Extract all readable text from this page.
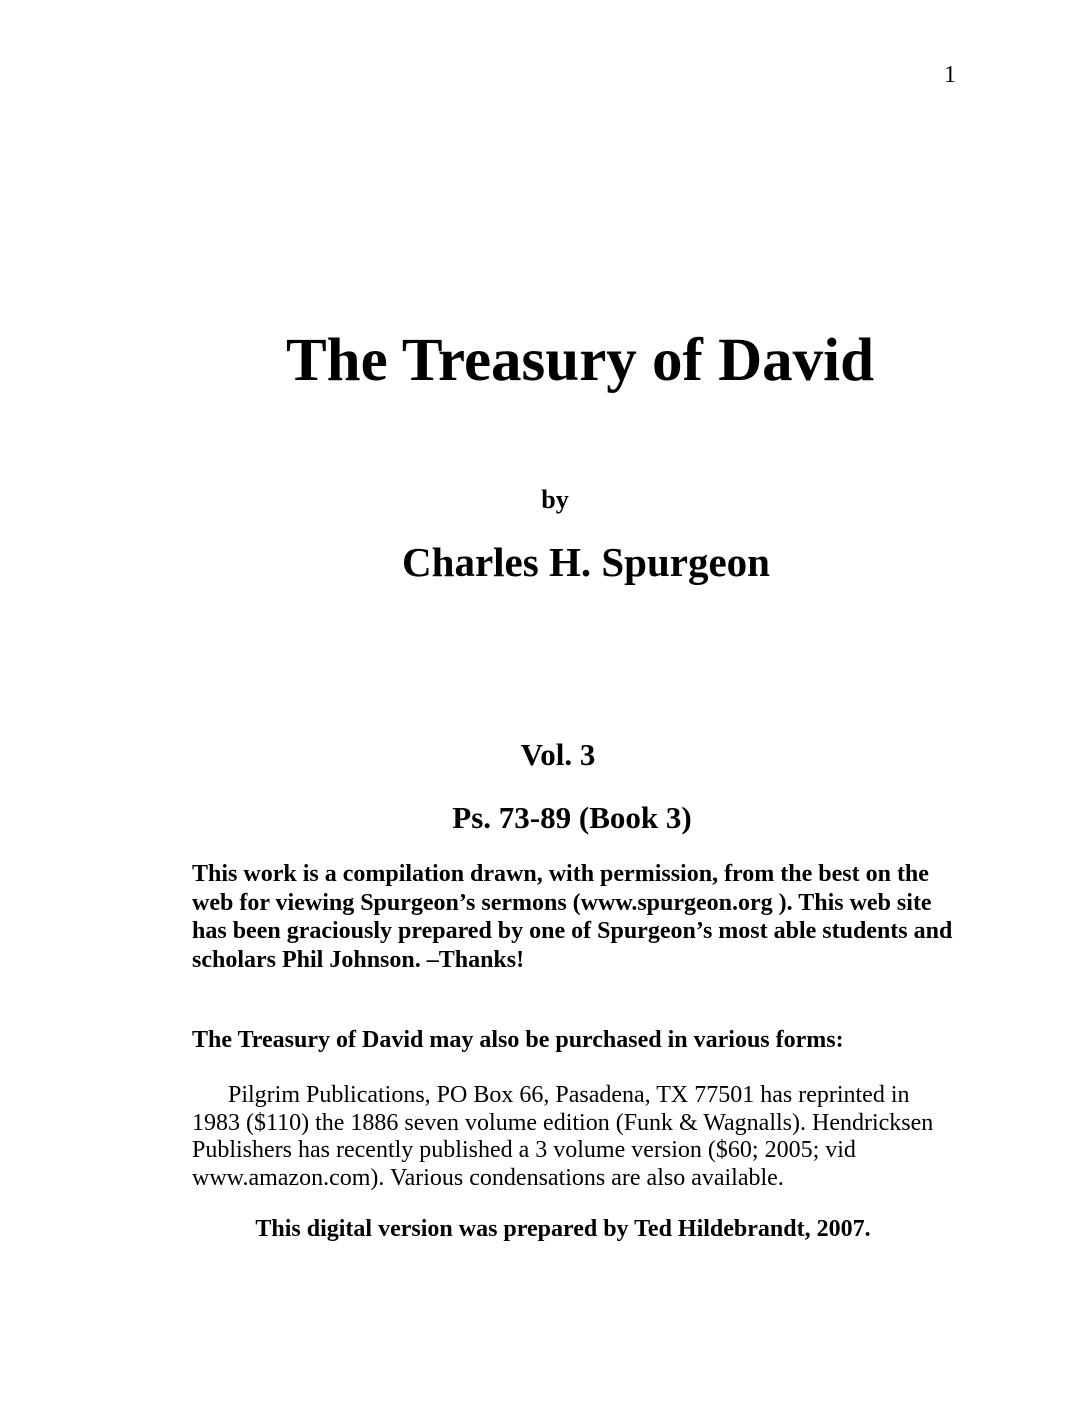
1
The Treasury of David
by
Charles H. Spurgeon
Vol. 3
Ps. 73-89 (Book 3)

This work is a compilation drawn, with permission, from the best on the web for viewing Spurgeon’s sermons (www.spurgeon.org ). This web site has been graciously prepared by one of Spurgeon’s most able students and scholars Phil Johnson. –Thanks!

The Treasury of David may also be purchased in various forms:

Pilgrim Publications, PO Box 66, Pasadena, TX 77501 has reprinted in 1983 ($110) the 1886 seven volume edition (Funk & Wagnalls). Hendricksen Publishers has recently published a 3 volume version ($60; 2005; vid www.amazon.com). Various condensations are also available.

This digital version was prepared by Ted Hildebrandt, 2007.
